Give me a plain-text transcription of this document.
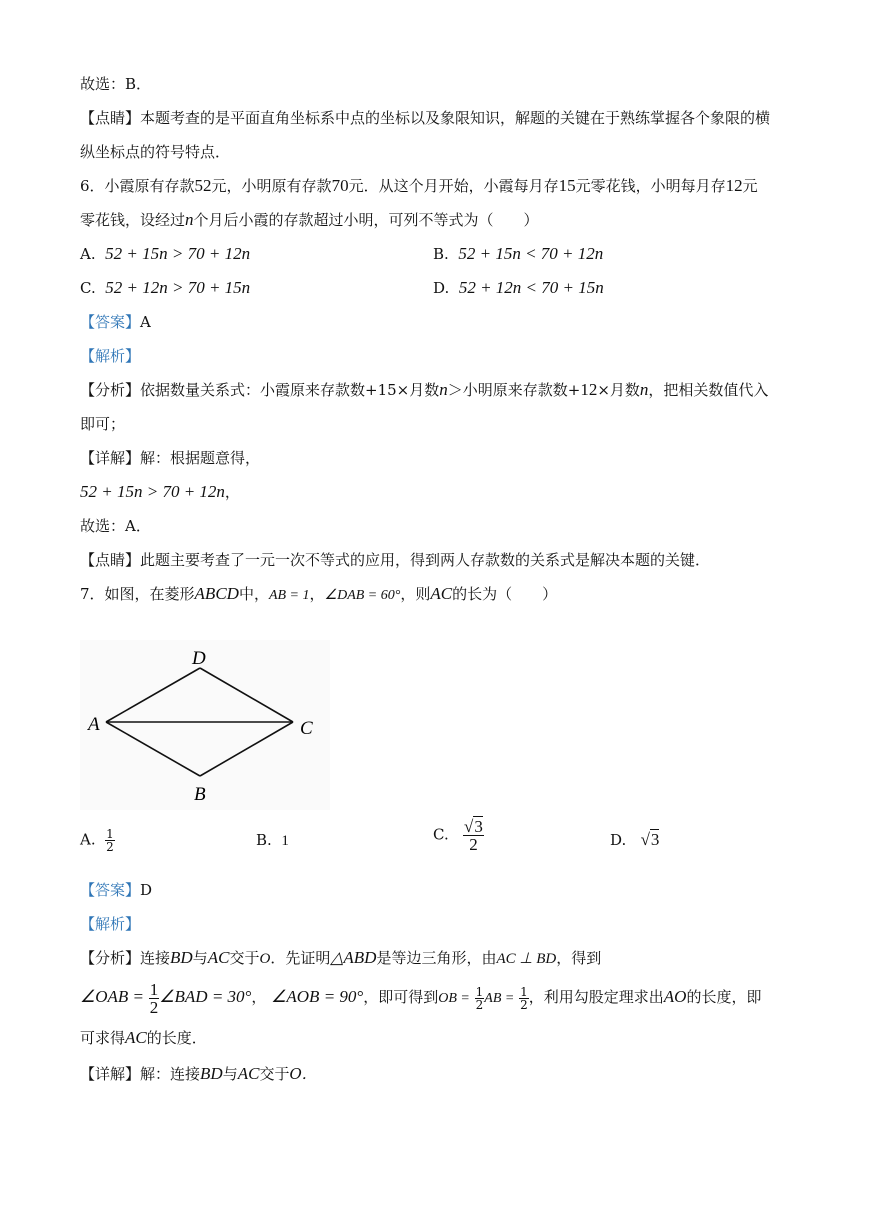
故选：B．
【点睛】本题考查的是平面直角坐标系中点的坐标以及象限知识，解题的关键在于熟练掌握各个象限的横
纵坐标点的符号特点．
6．小霞原有存款52元，小明原有存款70元．从这个月开始，小霞每月存15元零花钱，小明每月存12元
零花钱，设经过n个月后小霞的存款超过小明，可列不等式为（　　）
A. 52 + 15n > 70 + 12n	B. 52 + 15n < 70 + 12n
C. 52 + 12n > 70 + 15n	D. 52 + 12n < 70 + 15n
【答案】A
【解析】
【分析】依据数量关系式：小霞原来存款数+15×月数n＞小明原来存款数+12×月数n，把相关数值代入
即可；
【详解】解：根据题意得，
52 + 15n > 70 + 12n，
故选：A．
【点睛】此题主要考查了一元一次不等式的应用，得到两人存款数的关系式是解决本题的关键．
7．如图，在菱形ABCD中，AB = 1，∠DAB = 60°，则AC的长为（　　）
D
A	C
B
A. $\frac{1}{2}$	B. 1	C. $\frac{√3}{2}$	D. √3
【答案】D
【解析】
【分析】连接BD与AC交于O．先证明△ABD是等边三角形，由AC ⊥ BD，得到
∠OAB = $\frac{1}{2}$ ∠BAD = 30°， ∠AOB = 90°，即可得到OB = $\frac{1}{2}$ AB = $\frac{1}{2}$ ，利用勾股定理求出AO的长度，即
可求得AC的长度．
【详解】解：连接BD与AC交于O．
